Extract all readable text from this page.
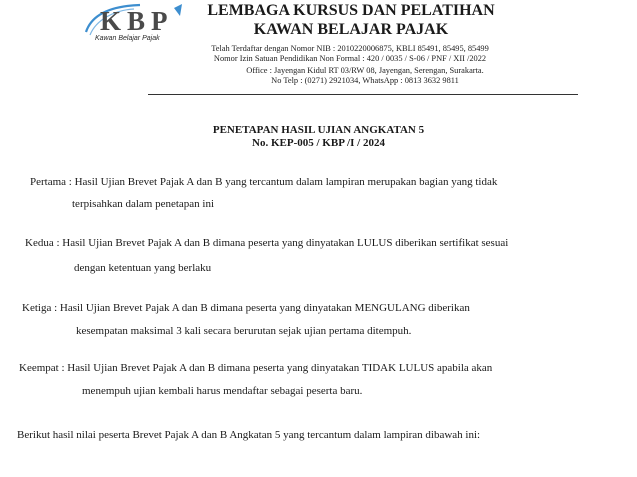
KBP
Kawan Belajar Pajak
LEMBAGA KURSUS DAN PELATIHAN
KAWAN BELAJAR PAJAK
Telah Terdaftar dengan Nomor NIB : 2010220006875, KBLI 85491, 85495, 85499
Nomor Izin Satuan Pendidikan Non Formal : 420 / 0035 / S-06 / PNF / XII /2022
Office : Jayengan Kidul RT 03/RW 08, Jayengan, Serengan, Surakarta.
No Telp : (0271) 2921034, WhatsApp : 0813 3632 9811
PENETAPAN HASIL UJIAN ANGKATAN 5
No. KEP-005 / KBP /I / 2024
Pertama : Hasil Ujian Brevet Pajak A dan B yang tercantum dalam lampiran merupakan bagian yang tidak
terpisahkan dalam penetapan ini
Kedua : Hasil Ujian Brevet Pajak A dan B dimana peserta yang dinyatakan LULUS diberikan sertifikat sesuai
dengan ketentuan yang berlaku
Ketiga : Hasil Ujian Brevet Pajak A dan B dimana peserta yang dinyatakan MENGULANG diberikan
kesempatan maksimal 3 kali secara berurutan sejak ujian pertama ditempuh.
Keempat : Hasil Ujian Brevet Pajak A dan B dimana peserta yang dinyatakan TIDAK LULUS apabila akan
menempuh ujian kembali harus mendaftar sebagai peserta baru.
Berikut hasil nilai peserta Brevet Pajak A dan B Angkatan 5 yang tercantum dalam lampiran dibawah ini:
